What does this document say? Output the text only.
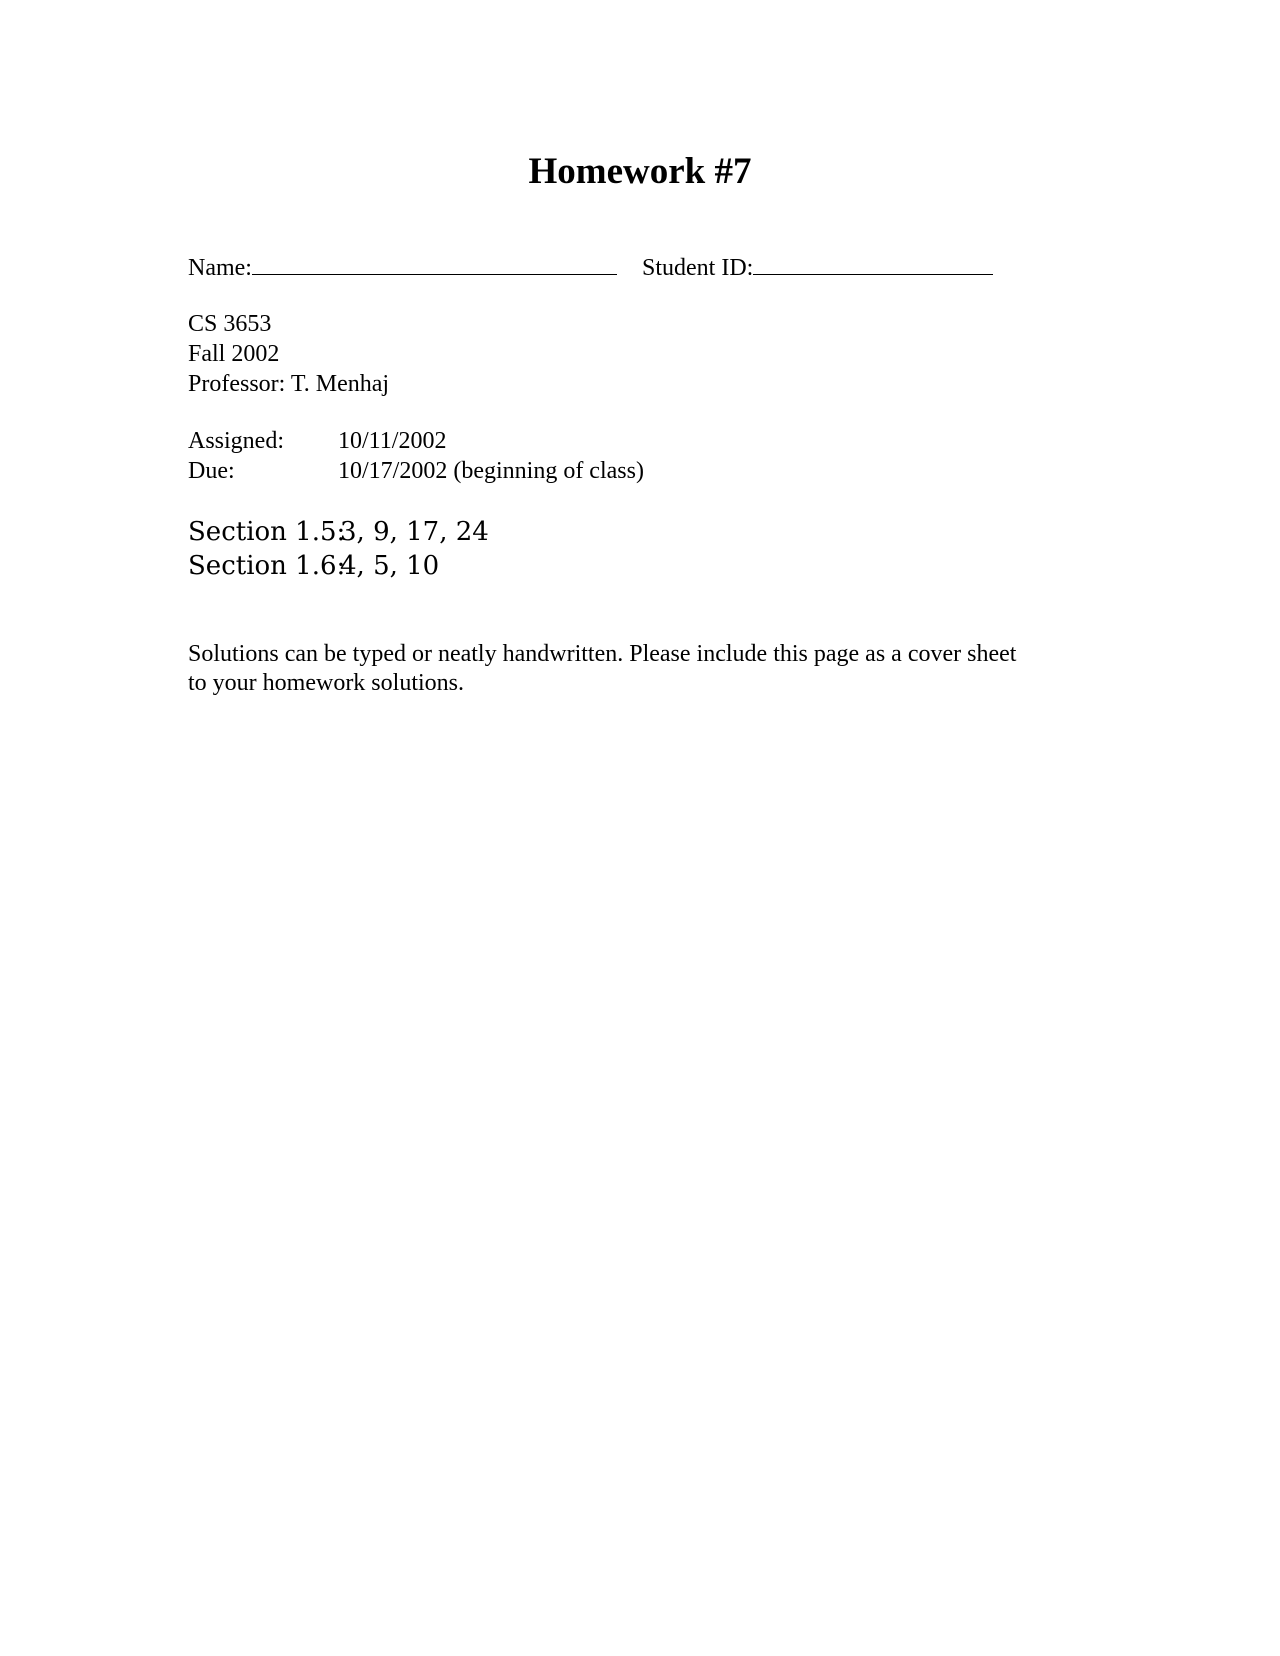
Homework #7
Name:	Student ID:
CS 3653
Fall 2002
Professor: T. Menhaj
Assigned: 10/11/2002
Due:	10/17/2002 (beginning of class)
Section 1.5:
3, 9, 17, 24
Section 1.6:
4, 5, 10
Solutions can be typed or neatly handwritten. Please include this page as a cover sheet
to your homework solutions.
